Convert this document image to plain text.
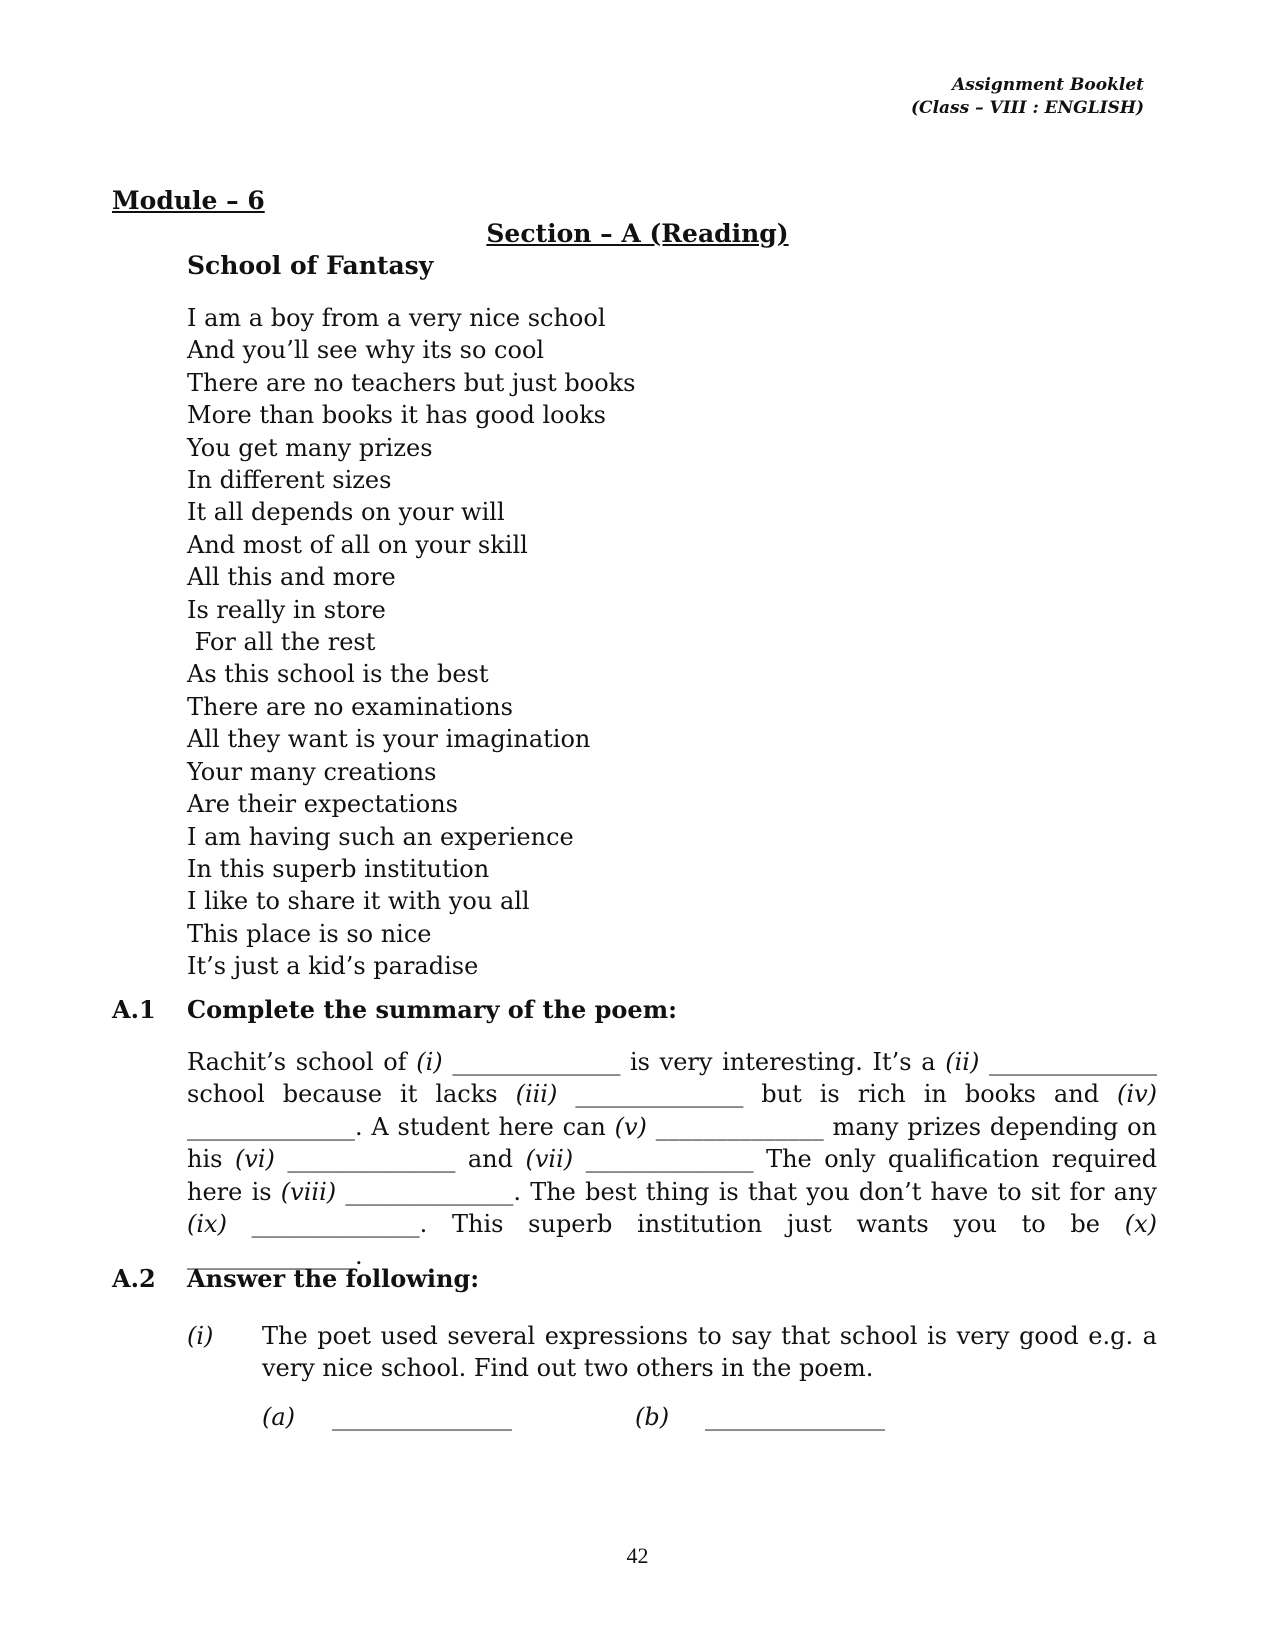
Assignment Booklet
(Class – VIII : ENGLISH)
Module – 6
Section – A (Reading)
School of Fantasy
I am a boy from a very nice school
And you’ll see why its so cool
There are no teachers but just books
More than books it has good looks
You get many prizes
In different sizes
It all depends on your will
And most of all on your skill
All this and more
Is really in store
For all the rest
As this school is the best
There are no examinations
All they want is your imagination
Your many creations
Are their expectations
I am having such an experience
In this superb institution
I like to share it with you all
This place is so nice
It’s just a kid’s paradise
A.1 Complete the summary of the poem:
Rachit’s school of (i) ______________ is very interesting. It’s a (ii) ______________ school because it lacks (iii) ______________ but is rich in books and (iv) ______________. A student here can (v) ______________ many prizes depending on his (vi) ______________ and (vii) ______________ The only qualification required here is (viii) ______________. The best thing is that you don’t have to sit for any (ix) ______________. This superb institution just wants you to be (x) ______________.
A.2 Answer the following:
(i) The poet used several expressions to say that school is very good e.g. a very nice school. Find out two others in the poem.
(a) _______________	(b) _______________
42
